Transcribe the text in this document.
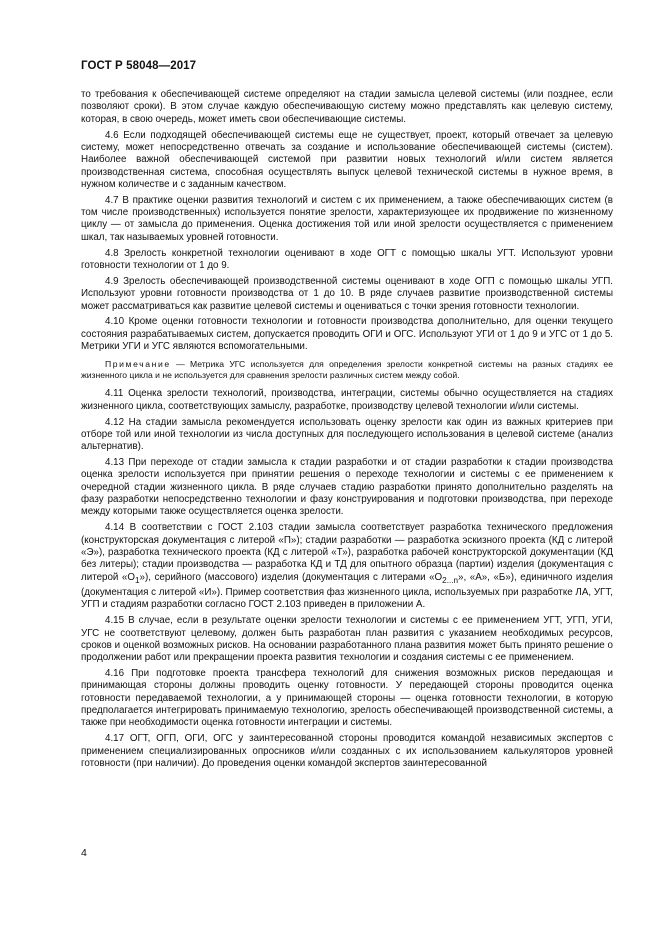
ГОСТ Р 58048—2017

то требования к обеспечивающей системе определяют на стадии замысла целевой системы (или позднее, если позволяют сроки). В этом случае каждую обеспечивающую систему можно представлять как целевую систему, которая, в свою очередь, может иметь свои обеспечивающие системы.

4.6 Если подходящей обеспечивающей системы еще не существует, проект, который отвечает за целевую систему, может непосредственно отвечать за создание и использование обеспечивающей системы (систем). Наиболее важной обеспечивающей системой при развитии новых технологий и/или систем является производственная система, способная осуществлять выпуск целевой технической системы в нужное время, в нужном количестве и с заданным качеством.

4.7 В практике оценки развития технологий и систем с их применением, а также обеспечивающих систем (в том числе производственных) используется понятие зрелости, характеризующее их продвижение по жизненному циклу — от замысла до применения. Оценка достижения той или иной зрелости осуществляется с применением шкал, так называемых уровней готовности.

4.8 Зрелость конкретной технологии оценивают в ходе ОГТ с помощью шкалы УГТ. Используют уровни готовности технологии от 1 до 9.

4.9 Зрелость обеспечивающей производственной системы оценивают в ходе ОГП с помощью шкалы УГП. Используют уровни готовности производства от 1 до 10. В ряде случаев развитие производственной системы может рассматриваться как развитие целевой системы и оцениваться с точки зрения готовности технологии.

4.10 Кроме оценки готовности технологии и готовности производства дополнительно, для оценки текущего состояния разрабатываемых систем, допускается проводить ОГИ и ОГС. Используют УГИ от 1 до 9 и УГС от 1 до 5. Метрики УГИ и УГС являются вспомогательными.

Примечание — Метрика УГС используется для определения зрелости конкретной системы на разных стадиях ее жизненного цикла и не используется для сравнения зрелости различных систем между собой.

4.11 Оценка зрелости технологий, производства, интеграции, системы обычно осуществляется на стадиях жизненного цикла, соответствующих замыслу, разработке, производству целевой технологии и/или системы.

4.12 На стадии замысла рекомендуется использовать оценку зрелости как один из важных критериев при отборе той или иной технологии из числа доступных для последующего использования в целевой системе (анализ альтернатив).

4.13 При переходе от стадии замысла к стадии разработки и от стадии разработки к стадии производства оценка зрелости используется при принятии решения о переходе технологии и системы с ее применением к очередной стадии жизненного цикла. В ряде случаев стадию разработки принято дополнительно разделять на фазу разработки непосредственно технологии и фазу конструирования и подготовки производства, при переходе между которыми также осуществляется оценка зрелости.

4.14 В соответствии с ГОСТ 2.103 стадии замысла соответствует разработка технического предложения (конструкторская документация с литерой «П»); стадии разработки — разработка эскизного проекта (КД с литерой «Э»), разработка технического проекта (КД с литерой «Т»), разработка рабочей конструкторской документации (КД без литеры); стадии производства — разработка КД и ТД для опытного образца (партии) изделия (документация с литерой «$О_1$»), серийного (массового) изделия (документация с литерами «$О_{2...n}$», «А», «Б»), единичного изделия (документация с литерой «И»). Пример соответствия фаз жизненного цикла, используемых при разработке ЛА, УГТ, УГП и стадиям разработки согласно ГОСТ 2.103 приведен в приложении А.

4.15 В случае, если в результате оценки зрелости технологии и системы с ее применением УГТ, УГП, УГИ, УГС не соответствуют целевому, должен быть разработан план развития с указанием необходимых ресурсов, сроков и оценкой возможных рисков. На основании разработанного плана развития может быть принято решение о продолжении работ или прекращении проекта развития технологии и создания системы с ее применением.

4.16 При подготовке проекта трансфера технологий для снижения возможных рисков передающая и принимающая стороны должны проводить оценку готовности. У передающей стороны проводится оценка готовности передаваемой технологии, а у принимающей стороны — оценка готовности технологии, в которую предполагается интегрировать принимаемую технологию, зрелость обеспечивающей производственной системы, а также при необходимости оценка готовности интеграции и системы.

4.17 ОГТ, ОГП, ОГИ, ОГС у заинтересованной стороны проводится командой независимых экспертов с применением специализированных опросников и/или созданных с их использованием калькуляторов уровней готовности (при наличии). До проведения оценки командой экспертов заинтересованной

4
